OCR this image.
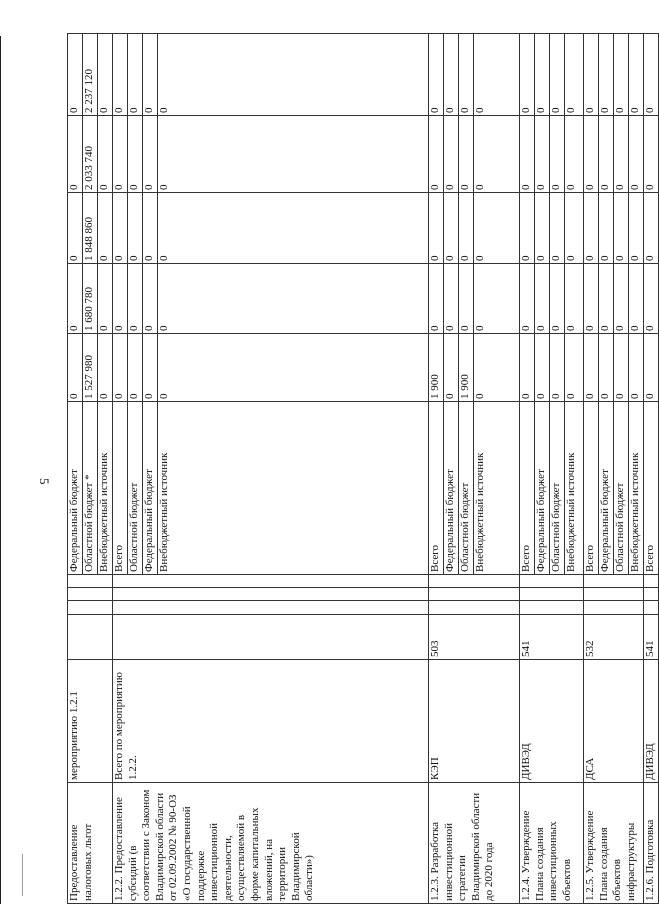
5
Предоставление налоговых льгот	мероприятию 1.2.1					Федеральный бюджет	0	0	0	0	0
						Областной бюджет *	1 527 980	1 680 780	1 848 860	2 033 740	2 237 120
						Внебюджетный источник	0	0	0	0	0
1.2.2. Предоставление субсидий (в соответствии с Законом Владимирской области от 02.09.2002 № 90-ОЗ «О государственной поддержке инвестиционной деятельности, осуществляемой в форме капитальных вложений, на территории Владимирской области»)	Всего по мероприятию 1.2.2.					Всего	0	0	0	0	0
						Областной бюджет	0	0	0	0	0
						Федеральный бюджет	0	0	0	0	0
						Внебюджетный источник	0	0	0	0	0
1.2.3. Разработка инвестиционной стратегии Владимирской области до 2020 года	КЭП	503				Всего	1 900	0	0	0	0
						Федеральный бюджет	0	0	0	0	0
						Областной бюджет	1 900	0	0	0	0
						Внебюджетный источник	0	0	0	0	0
1.2.4. Утверждение Плана создания инвестиционных объектов	ДИВЭД	541				Всего	0	0	0	0	0
						Федеральный бюджет	0	0	0	0	0
						Областной бюджет	0	0	0	0	0
						Внебюджетный источник	0	0	0	0	0
1.2.5. Утверждение Плана создания объектов инфраструктуры	ДСА	532				Всего	0	0	0	0	0
						Федеральный бюджет	0	0	0	0	0
						Областной бюджет	0	0	0	0	0
						Внебюджетный источник	0	0	0	0	0
1.2.6. Подготовка	ДИВЭД	541				Всего	0	0	0	0	0
